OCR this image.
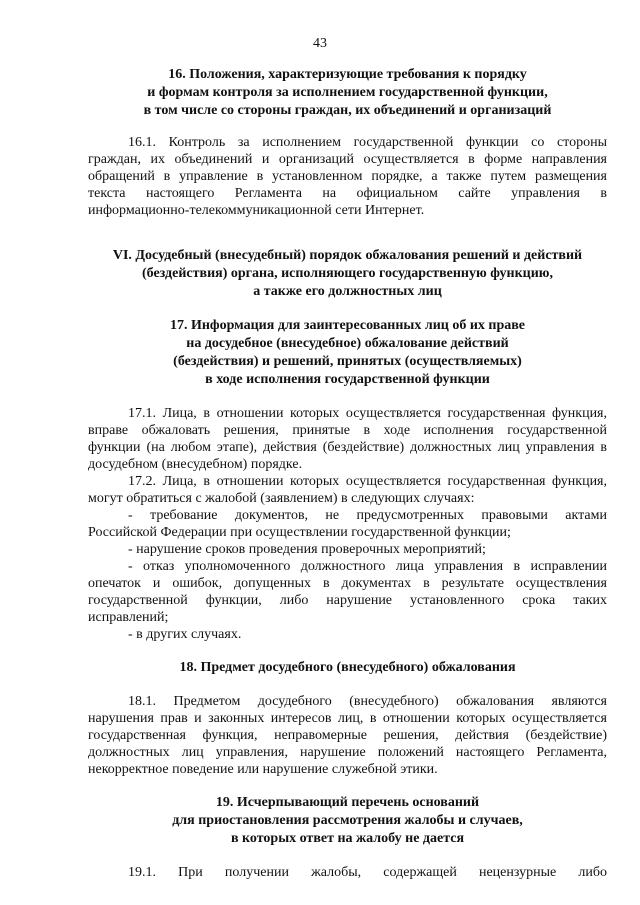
43
16. Положения, характеризующие требования к порядку
и формам контроля за исполнением государственной функции,
в том числе со стороны граждан, их объединений и организаций
16.1. Контроль за исполнением государственной функции со стороны
граждан, их объединений и организаций осуществляется в форме направления
обращений в управление в установленном порядке, а также путем размещения
текста настоящего Регламента на официальном сайте управления в
информационно-телекоммуникационной сети Интернет.
VI. Досудебный (внесудебный) порядок обжалования решений и действий
(бездействия) органа, исполняющего государственную функцию,
а также его должностных лиц
17. Информация для заинтересованных лиц об их праве
на досудебное (внесудебное) обжалование действий
(бездействия) и решений, принятых (осуществляемых)
в ходе исполнения государственной функции
17.1. Лица, в отношении которых осуществляется государственная функция,
вправе обжаловать решения, принятые в ходе исполнения государственной
функции (на любом этапе), действия (бездействие) должностных лиц управления в
досудебном (внесудебном) порядке.
17.2. Лица, в отношении которых осуществляется государственная функция,
могут обратиться с жалобой (заявлением) в следующих случаях:
- требование документов, не предусмотренных правовыми актами
Российской Федерации при осуществлении государственной функции;
- нарушение сроков проведения проверочных мероприятий;
- отказ уполномоченного должностного лица управления в исправлении
опечаток и ошибок, допущенных в документах в результате осуществления
государственной функции, либо нарушение установленного срока таких
исправлений;
- в других случаях.
18. Предмет досудебного (внесудебного) обжалования
18.1. Предметом досудебного (внесудебного) обжалования являются
нарушения прав и законных интересов лиц, в отношении которых осуществляется
государственная функция, неправомерные решения, действия (бездействие)
должностных лиц управления, нарушение положений настоящего Регламента,
некорректное поведение или нарушение служебной этики.
19. Исчерпывающий перечень оснований
для приостановления рассмотрения жалобы и случаев,
в которых ответ на жалобу не дается
19.1. При получении жалобы, содержащей нецензурные либо
